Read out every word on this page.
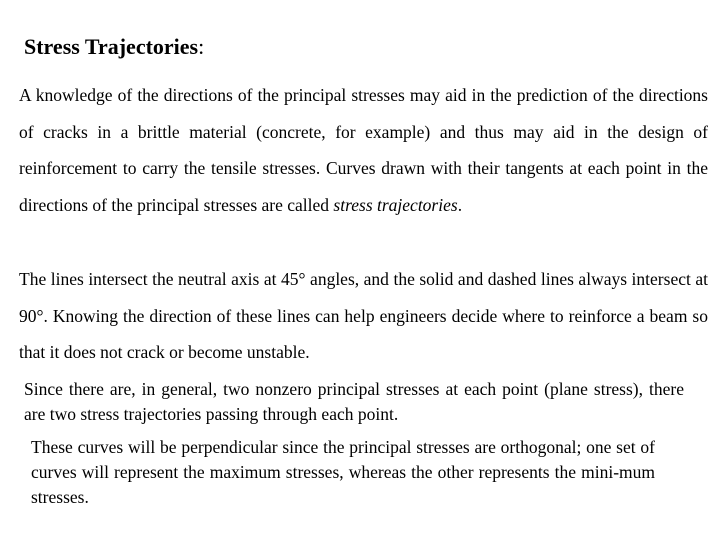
Stress Trajectories:

A knowledge of the directions of the principal stresses may aid in the prediction of the directions of cracks in a brittle material (concrete, for example) and thus may aid in the design of reinforcement to carry the tensile stresses. Curves drawn with their tangents at each point in the directions of the principal stresses are called stress trajectories.

The lines intersect the neutral axis at 45° angles, and the solid and dashed lines always intersect at 90°. Knowing the direction of these lines can help engineers decide where to reinforce a beam so that it does not crack or become unstable.

Since there are, in general, two nonzero principal stresses at each point (plane stress), there are two stress trajectories passing through each point.

These curves will be perpendicular since the principal stresses are orthogonal; one set of curves will represent the maximum stresses, whereas the other represents the mini-mum stresses.
